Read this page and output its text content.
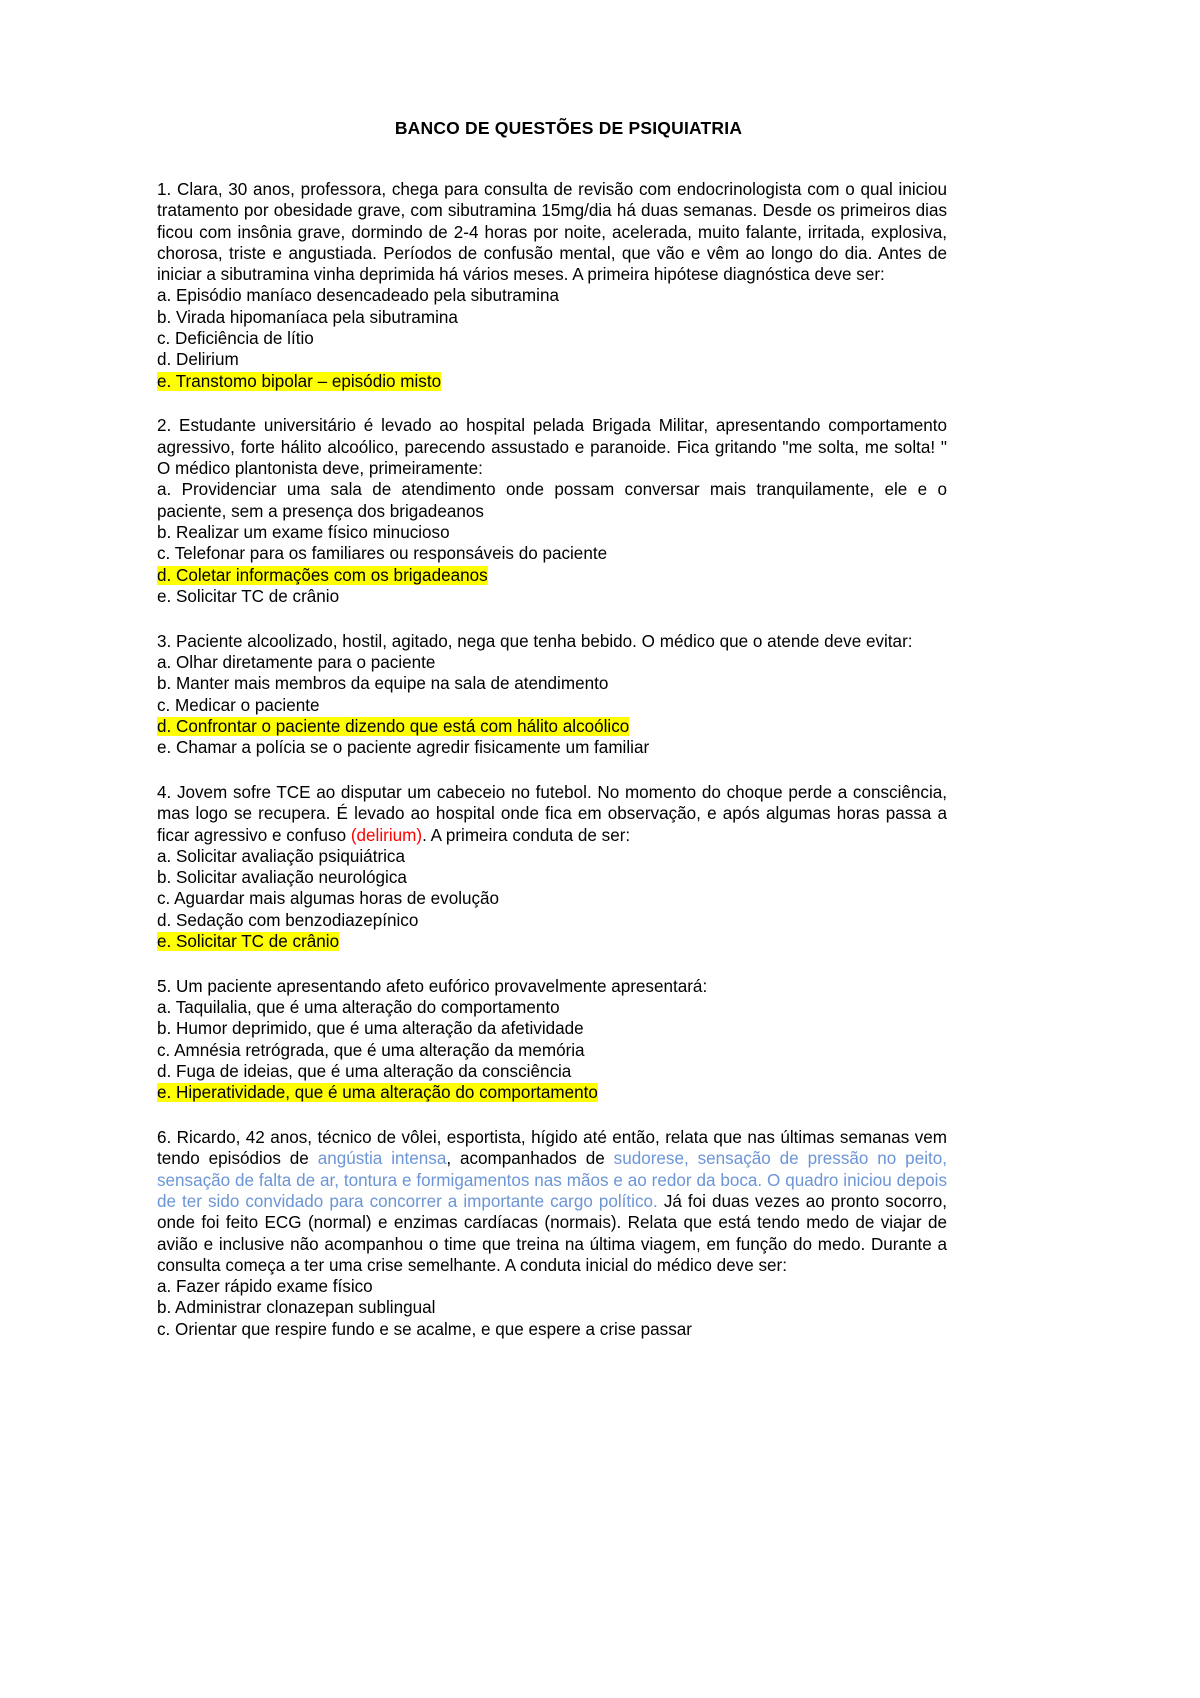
BANCO DE QUESTÕES DE PSIQUIATRIA

1. Clara, 30 anos, professora, chega para consulta de revisão com endocrinologista com o qual iniciou tratamento por obesidade grave, com sibutramina 15mg/dia há duas semanas. Desde os primeiros dias ficou com insônia grave, dormindo de 2-4 horas por noite, acelerada, muito falante, irritada, explosiva, chorosa, triste e angustiada. Períodos de confusão mental, que vão e vêm ao longo do dia. Antes de iniciar a sibutramina vinha deprimida há vários meses. A primeira hipótese diagnóstica deve ser:

a. Episódio maníaco desencadeado pela sibutramina

b. Virada hipomaníaca pela sibutramina

c. Deficiência de lítio

d. Delirium

e. Transtomo bipolar – episódio misto

2. Estudante universitário é levado ao hospital pelada Brigada Militar, apresentando comportamento agressivo, forte hálito alcoólico, parecendo assustado e paranoide. Fica gritando "me solta, me solta! " O médico plantonista deve, primeiramente:

a. Providenciar uma sala de atendimento onde possam conversar mais tranquilamente, ele e o paciente, sem a presença dos brigadeanos

b. Realizar um exame físico minucioso

c. Telefonar para os familiares ou responsáveis do paciente

d. Coletar informações com os brigadeanos

e. Solicitar TC de crânio

3. Paciente alcoolizado, hostil, agitado, nega que tenha bebido. O médico que o atende deve evitar:

a. Olhar diretamente para o paciente

b. Manter mais membros da equipe na sala de atendimento

c. Medicar o paciente

d. Confrontar o paciente dizendo que está com hálito alcoólico

e. Chamar a polícia se o paciente agredir fisicamente um familiar

4. Jovem sofre TCE ao disputar um cabeceio no futebol. No momento do choque perde a consciência, mas logo se recupera. É levado ao hospital onde fica em observação, e após algumas horas passa a ficar agressivo e confuso (delirium). A primeira conduta de ser:

a. Solicitar avaliação psiquiátrica

b. Solicitar avaliação neurológica

c. Aguardar mais algumas horas de evolução

d. Sedação com benzodiazepínico

e. Solicitar TC de crânio

5. Um paciente apresentando afeto eufórico provavelmente apresentará:

a. Taquilalia, que é uma alteração do comportamento

b. Humor deprimido, que é uma alteração da afetividade

c. Amnésia retrógrada, que é uma alteração da memória

d. Fuga de ideias, que é uma alteração da consciência

e. Hiperatividade, que é uma alteração do comportamento

6. Ricardo, 42 anos, técnico de vôlei, esportista, hígido até então, relata que nas últimas semanas vem tendo episódios de angústia intensa, acompanhados de sudorese, sensação de pressão no peito, sensação de falta de ar, tontura e formigamentos nas mãos e ao redor da boca. O quadro iniciou depois de ter sido convidado para concorrer a importante cargo político. Já foi duas vezes ao pronto socorro, onde foi feito ECG (normal) e enzimas cardíacas (normais). Relata que está tendo medo de viajar de avião e inclusive não acompanhou o time que treina na última viagem, em função do medo. Durante a consulta começa a ter uma crise semelhante. A conduta inicial do médico deve ser:

a. Fazer rápido exame físico

b. Administrar clonazepan sublingual

c. Orientar que respire fundo e se acalme, e que espere a crise passar
